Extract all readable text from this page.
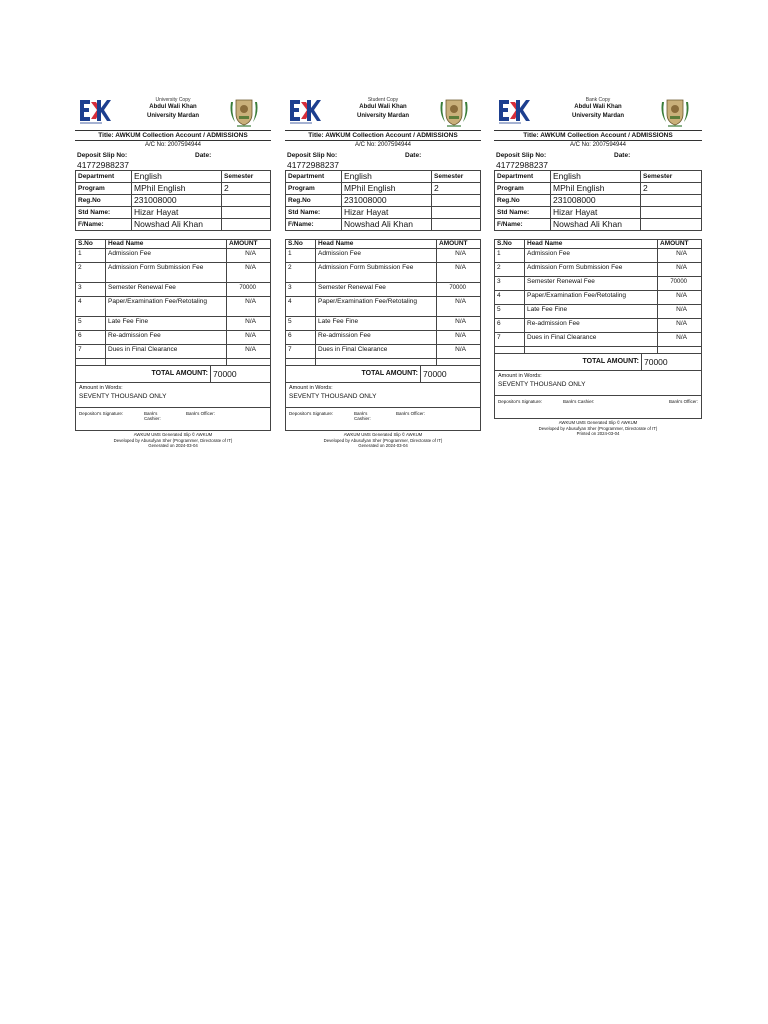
University Copy
Abdul Wali Khan
University Mardan
Title: AWKUM Collection Account / ADMISSIONS
A/C No: 2007594944
Deposit Slip No:	Date:
41772988237
Department	English	Semester
Program	MPhil English	2
Reg.No	231008000	
Std Name:	Hizar Hayat	
F/Name:	Nowshad Ali Khan	
S.No	Head Name	AMOUNT
1	Admission Fee	N/A
2	Admission Form Submission Fee	N/A
3	Semester Renewal Fee	70000
4	Paper/Examination Fee/Retotaling	N/A
5	Late Fee Fine	N/A
6	Re-admission Fee	N/A
7	Dues in Final Clearance	N/A

TOTAL AMOUNT:	70000
Amount in Words:
SEVENTY THOUSAND ONLY
Depositor's Signature:	Bank's Cashier:
Bank's Officer:
AWKUM UMS Generated Slip © AWKUM
Developed by Abusufyan Sher (Programmer, Directorate of IT)
Generated on 2024-03-04
Student Copy
Abdul Wali Khan
University Mardan
Title: AWKUM Collection Account / ADMISSIONS
A/C No: 2007594944
Deposit Slip No:	Date:
41772988237
Department	English	Semester
Program	MPhil English	2
Reg.No	231008000	
Std Name:	Hizar Hayat	
F/Name:	Nowshad Ali Khan	
S.No	Head Name	AMOUNT
1	Admission Fee	N/A
2	Admission Form Submission Fee	N/A
3	Semester Renewal Fee	70000
4	Paper/Examination Fee/Retotaling	N/A
5	Late Fee Fine	N/A
6	Re-admission Fee	N/A
7	Dues in Final Clearance	N/A

TOTAL AMOUNT:	70000
Amount in Words:
SEVENTY THOUSAND ONLY
Depositor's Signature:	Bank's Cashier:
Bank's Officer:
AWKUM UMS Generated Slip © AWKUM
Developed by Abusufyan Sher (Programmer, Directorate of IT)
Generated on 2024-03-04
Bank Copy
Abdul Wali Khan
University Mardan
Title: AWKUM Collection Account / ADMISSIONS
A/C No: 2007594944
Deposit Slip No:	Date:
41772988237
Department	English	Semester
Program	MPhil English	2
Reg.No	231008000	
Std Name:	Hizar Hayat	
F/Name:	Nowshad Ali Khan	
S.No	Head Name	AMOUNT
1	Admission Fee	N/A
2	Admission Form Submission Fee	N/A
3	Semester Renewal Fee	70000
4	Paper/Examination Fee/Retotaling	N/A
5	Late Fee Fine	N/A
6	Re-admission Fee	N/A
7	Dues in Final Clearance	N/A

TOTAL AMOUNT:	70000
Amount in Words:
SEVENTY THOUSAND ONLY
Depositor's Signature:	Bank's Cashier:	Bank's Officer:
AWKUM UMS Generated Slip © AWKUM
Developed by Abusufyan Sher (Programmer, Directorate of IT)
Printed on 2024-03-04
